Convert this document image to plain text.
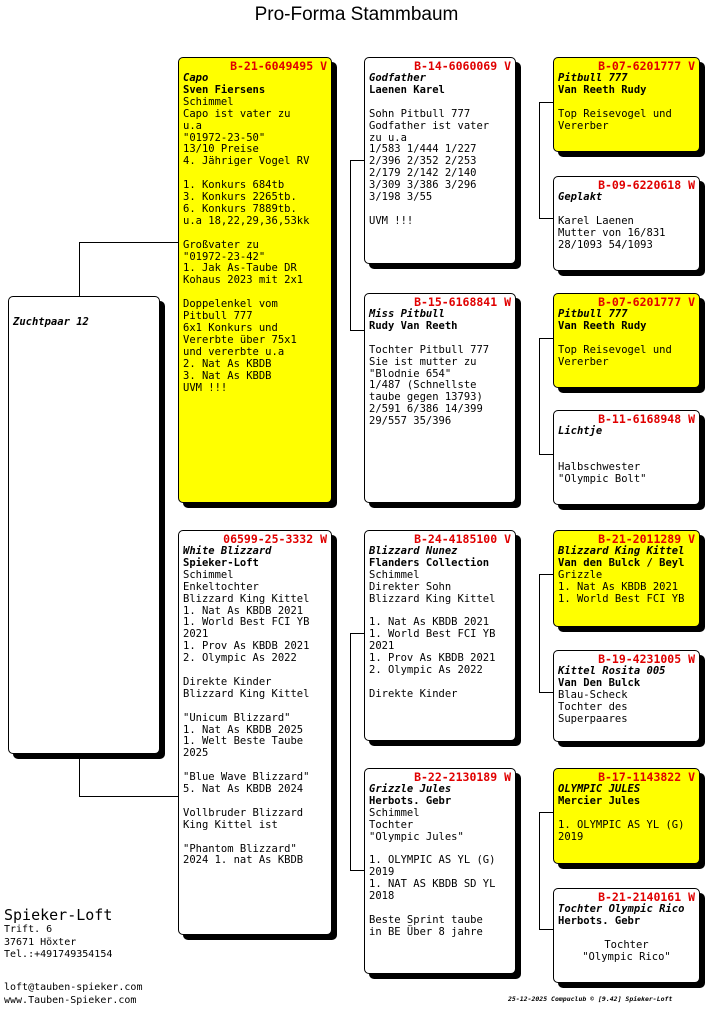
Pro-Forma Stammbaum
Zuchtpaar 12
B-21-6049495 V
Capo
Sven Fiersens
Schimmel
Capo ist vater zu
u.a
"01972-23-50"
13/10 Preise
4. Jähriger Vogel RV
1. Konkurs 684tb
3. Konkurs 2265tb.
6. Konkurs 7889tb.
u.a 18,22,29,36,53kk
Großvater zu
"01972-23-42"
1. Jak As-Taube DR
Kohaus 2023 mit 2x1
Doppelenkel vom
Pitbull 777
6x1 Konkurs und
Vererbte über 75x1
und vererbte u.a
2. Nat As KBDB
3. Nat As KBDB
UVM !!!
06599-25-3332 W
White Blizzard
Spieker-Loft
Schimmel
Enkeltochter
Blizzard King Kittel
1. Nat As KBDB 2021
1. World Best FCI YB
2021
1. Prov As KBDB 2021
2. Olympic As 2022
Direkte Kinder
Blizzard King Kittel
"Unicum Blizzard"
1. Nat As KBDB 2025
1. Welt Beste Taube
2025
"Blue Wave Blizzard"
5. Nat As KBDB 2024
Vollbruder Blizzard
King Kittel ist
"Phantom Blizzard"
2024 1. nat As KBDB
B-14-6060069 V
Godfather
Laenen Karel
Sohn Pitbull 777
Godfather ist vater
zu u.a
1/583 1/444 1/227
2/396 2/352 2/253
2/179 2/142 2/140
3/309 3/386 3/296
3/198 3/55
UVM !!!
B-15-6168841 W
Miss Pitbull
Rudy Van Reeth
Tochter Pitbull 777
Sie ist mutter zu
"Blodnie 654"
1/487 (Schnellste
taube gegen 13793)
2/591 6/386 14/399
29/557 35/396
B-24-4185100 V
Blizzard Nunez
Flanders Collection
Schimmel
Direkter Sohn
Blizzard King Kittel
1. Nat As KBDB 2021
1. World Best FCI YB
2021
1. Prov As KBDB 2021
2. Olympic As 2022
Direkte Kinder
B-22-2130189 W
Grizzle Jules
Herbots. Gebr
Schimmel
Tochter
"Olympic Jules"
1. OLYMPIC AS YL (G)
2019
1. NAT AS KBDB SD YL
2018
Beste Sprint taube
in BE Über 8 jahre
B-07-6201777 V
Pitbull 777
Van Reeth Rudy
Top Reisevogel und
Vererber
B-09-6220618 W
Geplakt
Karel Laenen
Mutter von 16/831
28/1093 54/1093
B-07-6201777 V
Pitbull 777
Van Reeth Rudy
Top Reisevogel und
Vererber
B-11-6168948 W
Lichtje
Halbschwester
"Olympic Bolt"
B-21-2011289 V
Blizzard King Kittel
Van den Bulck / Beyl
Grizzle
1. Nat As KBDB 2021
1. World Best FCI YB
B-19-4231005 W
Kittel Rosita 005
Van Den Bulck
Blau-Scheck
Tochter des
Superpaares
B-17-1143822 V
OLYMPIC JULES
Mercier Jules
1. OLYMPIC AS YL (G)
2019
B-21-2140161 W
Tochter Olympic Rico
Herbots. Gebr
Tochter
"Olympic Rico"
Spieker-Loft
Trift. 6
37671 Höxter
Tel.:+491749354154
loft@tauben-spieker.com
www.Tauben-Spieker.com	25-12-2025 Compuclub © [9.42] Spieker-Loft
